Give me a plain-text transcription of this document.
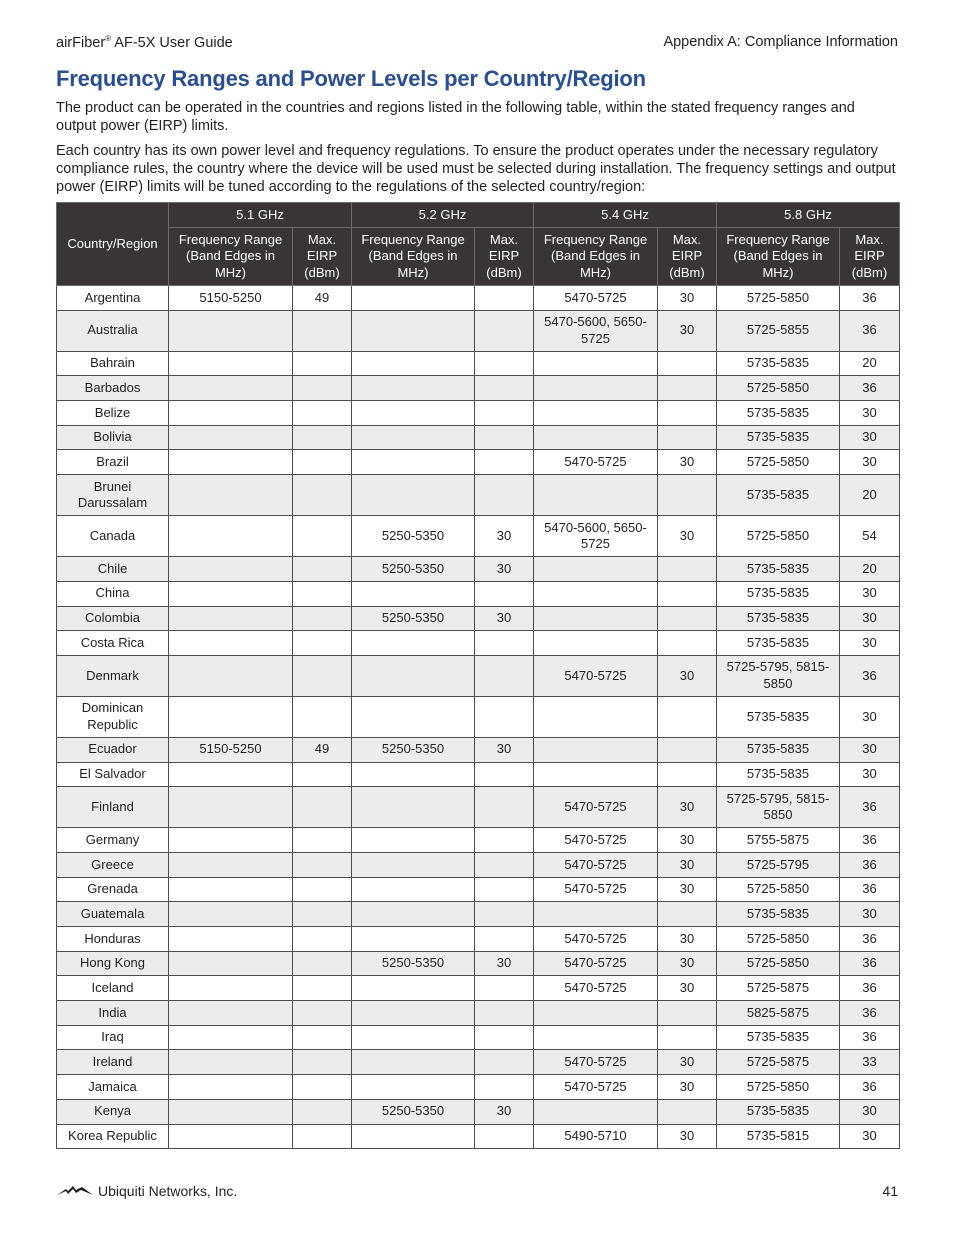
airFiber® AF-5X User Guide	Appendix A: Compliance Information
Frequency Ranges and Power Levels per Country/Region

The product can be operated in the countries and regions listed in the following table, within the stated frequency ranges and output power (EIRP) limits.

Each country has its own power level and frequency regulations. To ensure the product operates under the necessary regulatory compliance rules, the country where the device will be used must be selected during installation. The frequency settings and output power (EIRP) limits will be tuned according to the regulations of the selected country/region:

Country/Region	5.1 GHz		5.2 GHz		5.4 GHz		5.8 GHz	
	Frequency Range (Band Edges in MHz)	Max. EIRP (dBm)	Frequency Range (Band Edges in MHz)	Max. EIRP (dBm)	Frequency Range (Band Edges in MHz)	Max. EIRP (dBm)	Frequency Range (Band Edges in MHz)	Max. EIRP (dBm)
Argentina	5150-5250	49			5470-5725	30	5725-5850	36
Australia					5470-5600, 5650-5725	30	5725-5855	36
Bahrain							5735-5835	20
Barbados							5725-5850	36
Belize							5735-5835	30
Bolivia							5735-5835	30
Brazil					5470-5725	30	5725-5850	30
Brunei Darussalam							5735-5835	20
Canada			5250-5350	30	5470-5600, 5650-5725	30	5725-5850	54
Chile			5250-5350	30			5735-5835	20
China							5735-5835	30
Colombia			5250-5350	30			5735-5835	30
Costa Rica							5735-5835	30
Denmark					5470-5725	30	5725-5795, 5815-5850	36
Dominican Republic							5735-5835	30
Ecuador	5150-5250	49	5250-5350	30			5735-5835	30
El Salvador							5735-5835	30
Finland					5470-5725	30	5725-5795, 5815-5850	36
Germany					5470-5725	30	5755-5875	36
Greece					5470-5725	30	5725-5795	36
Grenada					5470-5725	30	5725-5850	36
Guatemala							5735-5835	30
Honduras					5470-5725	30	5725-5850	36
Hong Kong			5250-5350	30	5470-5725	30	5725-5850	36
Iceland					5470-5725	30	5725-5875	36
India							5825-5875	36
Iraq							5735-5835	36
Ireland					5470-5725	30	5725-5875	33
Jamaica					5470-5725	30	5725-5850	36
Kenya			5250-5350	30			5735-5835	30
Korea Republic					5490-5710	30	5735-5815	30
Ubiquiti Networks, Inc.	41
